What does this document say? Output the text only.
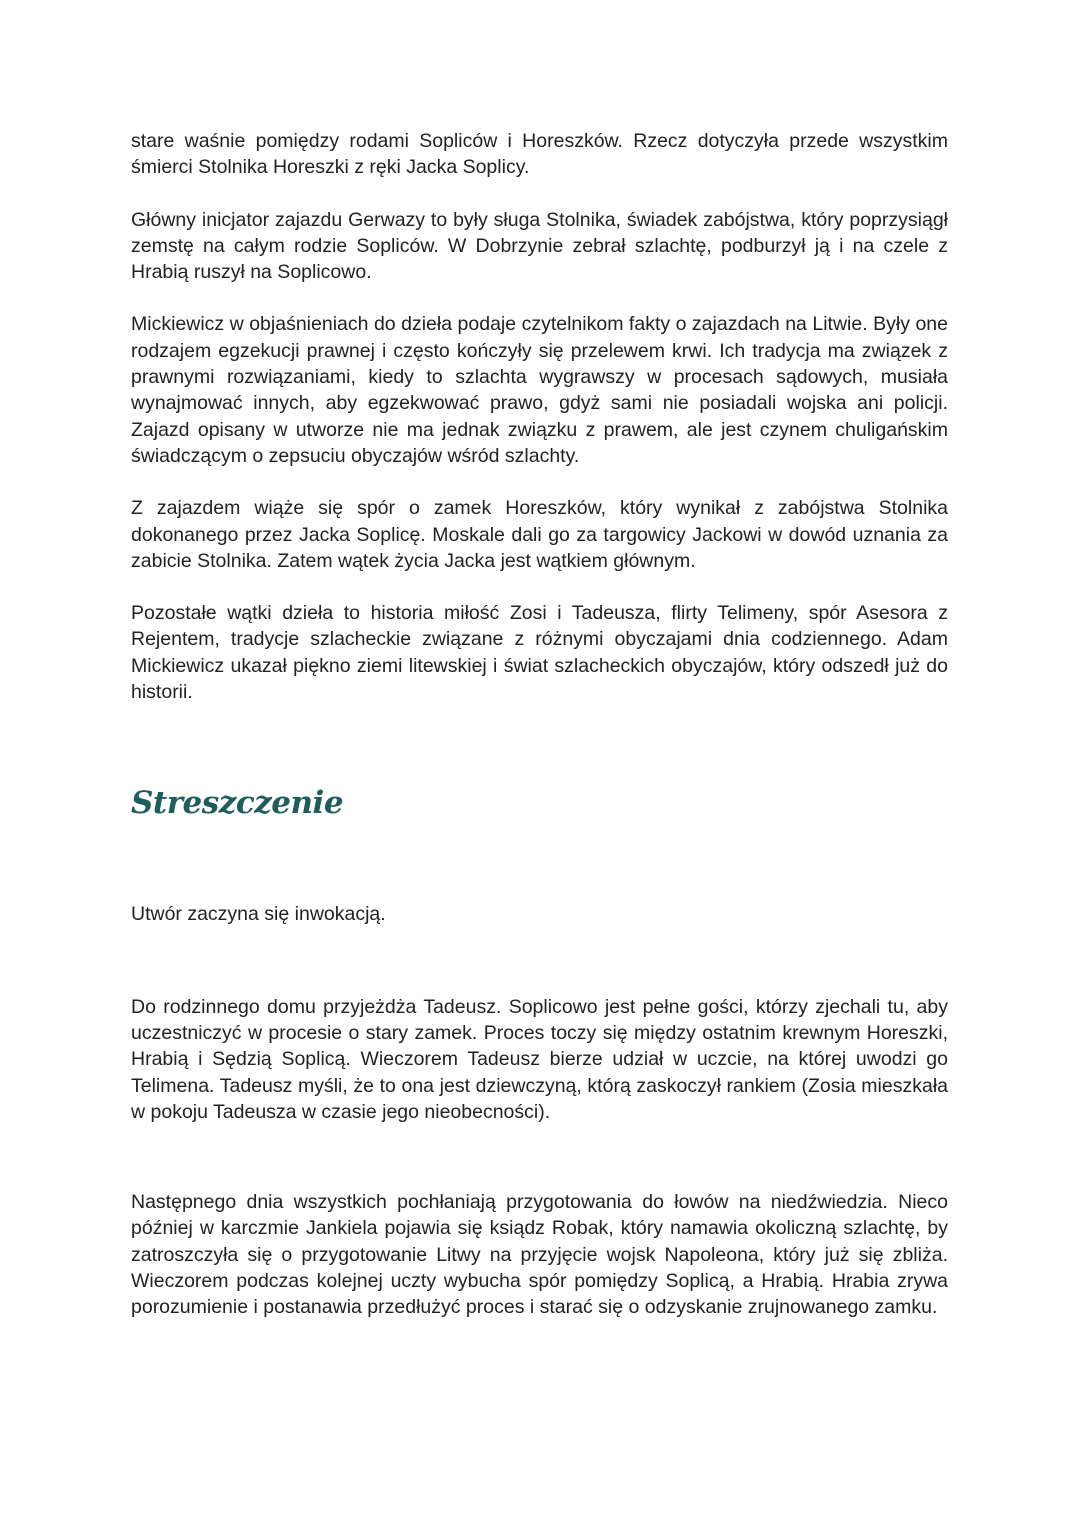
stare waśnie pomiędzy rodami Sopliców i Horeszków. Rzecz dotyczyła przede wszystkim śmierci Stolnika Horeszki z ręki Jacka Soplicy.

Główny inicjator zajazdu Gerwazy to były sługa Stolnika, świadek zabójstwa, który poprzysiągł zemstę na całym rodzie Sopliców. W Dobrzynie zebrał szlachtę, podburzył ją i na czele z Hrabią ruszył na Soplicowo.

Mickiewicz w objaśnieniach do dzieła podaje czytelnikom fakty o zajazdach na Litwie. Były one rodzajem egzekucji prawnej i często kończyły się przelewem krwi. Ich tradycja ma związek z prawnymi rozwiązaniami, kiedy to szlachta wygrawszy w procesach sądowych, musiała wynajmować innych, aby egzekwować prawo, gdyż sami nie posiadali wojska ani policji. Zajazd opisany w utworze nie ma jednak związku z prawem, ale jest czynem chuligańskim świadczącym o zepsuciu obyczajów wśród szlachty.

Z zajazdem wiąże się spór o zamek Horeszków, który wynikał z zabójstwa Stolnika dokonanego przez Jacka Soplicę. Moskale dali go za targowicy Jackowi w dowód uznania za zabicie Stolnika. Zatem wątek życia Jacka jest wątkiem głównym.

Pozostałe wątki dzieła to historia miłość Zosi i Tadeusza, flirty Telimeny, spór Asesora z Rejentem, tradycje szlacheckie związane z różnymi obyczajami dnia codziennego. Adam Mickiewicz ukazał piękno ziemi litewskiej i świat szlacheckich obyczajów, który odszedł już do historii.

Streszczenie

Utwór zaczyna się inwokacją.

Do rodzinnego domu przyjeżdża Tadeusz. Soplicowo jest pełne gości, którzy zjechali tu, aby uczestniczyć w procesie o stary zamek. Proces toczy się między ostatnim krewnym Horeszki, Hrabią i Sędzią Soplicą. Wieczorem Tadeusz bierze udział w uczcie, na której uwodzi go Telimena. Tadeusz myśli, że to ona jest dziewczyną, którą zaskoczył rankiem (Zosia mieszkała w pokoju Tadeusza w czasie jego nieobecności).

Następnego dnia wszystkich pochłaniają przygotowania do łowów na niedźwiedzia. Nieco później w karczmie Jankiela pojawia się ksiądz Robak, który namawia okoliczną szlachtę, by zatroszczyła się o przygotowanie Litwy na przyjęcie wojsk Napoleona, który już się zbliża. Wieczorem podczas kolejnej uczty wybucha spór pomiędzy Soplicą, a Hrabią. Hrabia zrywa porozumienie i postanawia przedłużyć proces i starać się o odzyskanie zrujnowanego zamku.
